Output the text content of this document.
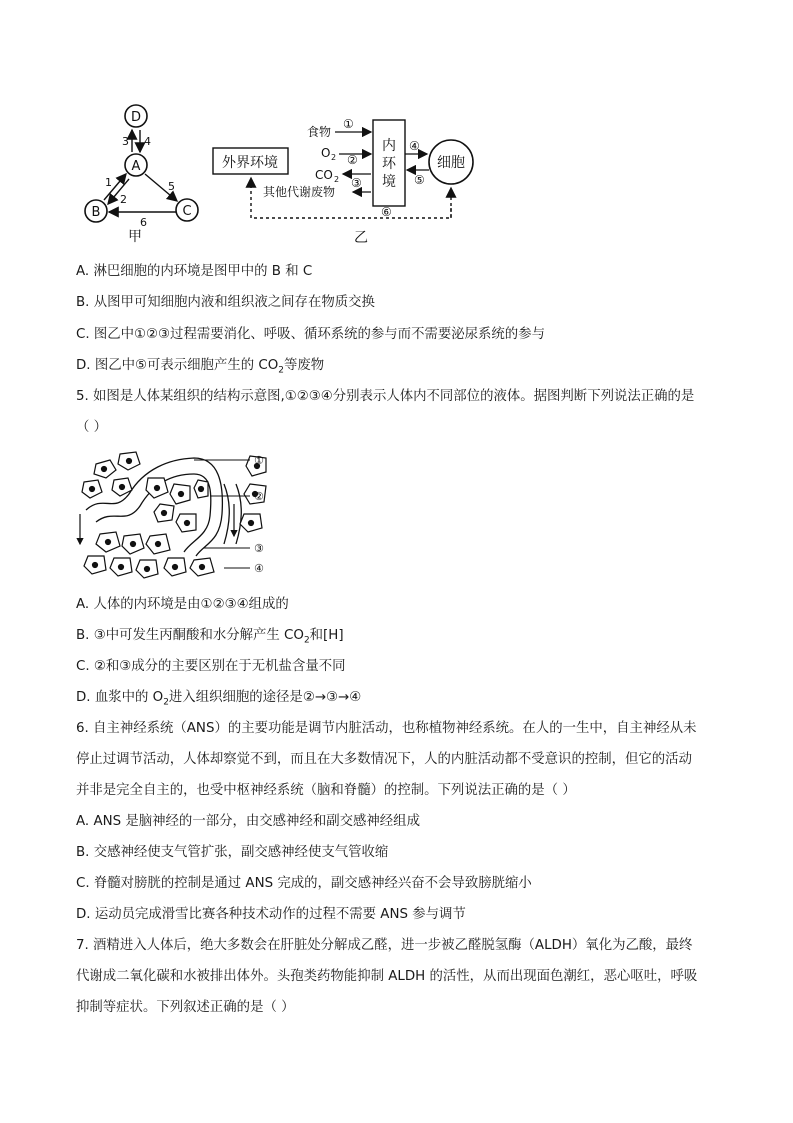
D
A
B	C
3 4
1
2
5
6
甲
外界环境
内
环
境
细胞
食物
①
O 2 ②
CO 2 ③
其他代谢废物
④
⑤
⑥
乙
A. 淋巴细胞的内环境是图甲中的 B 和 C
B. 从图甲可知细胞内液和组织液之间存在物质交换
C. 图乙中①②③过程需要消化、呼吸、循环系统的参与而不需要泌尿系统的参与
D. 图乙中⑤可表示细胞产生的 $CO_2$等废物
5. 如图是人体某组织的结构示意图,①②③④分别表示人体内不同部位的液体。据图判断下列说法正确的是
（ ）
①
②
③
④
A. 人体的内环境是由①②③④组成的
B. ③中可发生丙酮酸和水分解产生 $CO_2$和[H]
C. ②和③成分的主要区别在于无机盐含量不同
D. 血浆中的 $O_2$进入组织细胞的途径是②→③→④
6. 自主神经系统（ANS）的主要功能是调节内脏活动，也称植物神经系统。在人的一生中，自主神经从未
停止过调节活动，人体却察觉不到，而且在大多数情况下，人的内脏活动都不受意识的控制，但它的活动
并非是完全自主的，也受中枢神经系统（脑和脊髓）的控制。下列说法正确的是（ ）
A. ANS 是脑神经的一部分，由交感神经和副交感神经组成
B. 交感神经使支气管扩张，副交感神经使支气管收缩
C. 脊髓对膀胱的控制是通过 ANS 完成的，副交感神经兴奋不会导致膀胱缩小
D. 运动员完成滑雪比赛各种技术动作的过程不需要 ANS 参与调节
7. 酒精进入人体后，绝大多数会在肝脏处分解成乙醛，进一步被乙醛脱氢酶（ALDH）氧化为乙酸，最终
代谢成二氧化碳和水被排出体外。头孢类药物能抑制 ALDH 的活性，从而出现面色潮红，恶心呕吐，呼吸
抑制等症状。下列叙述正确的是（ ）
